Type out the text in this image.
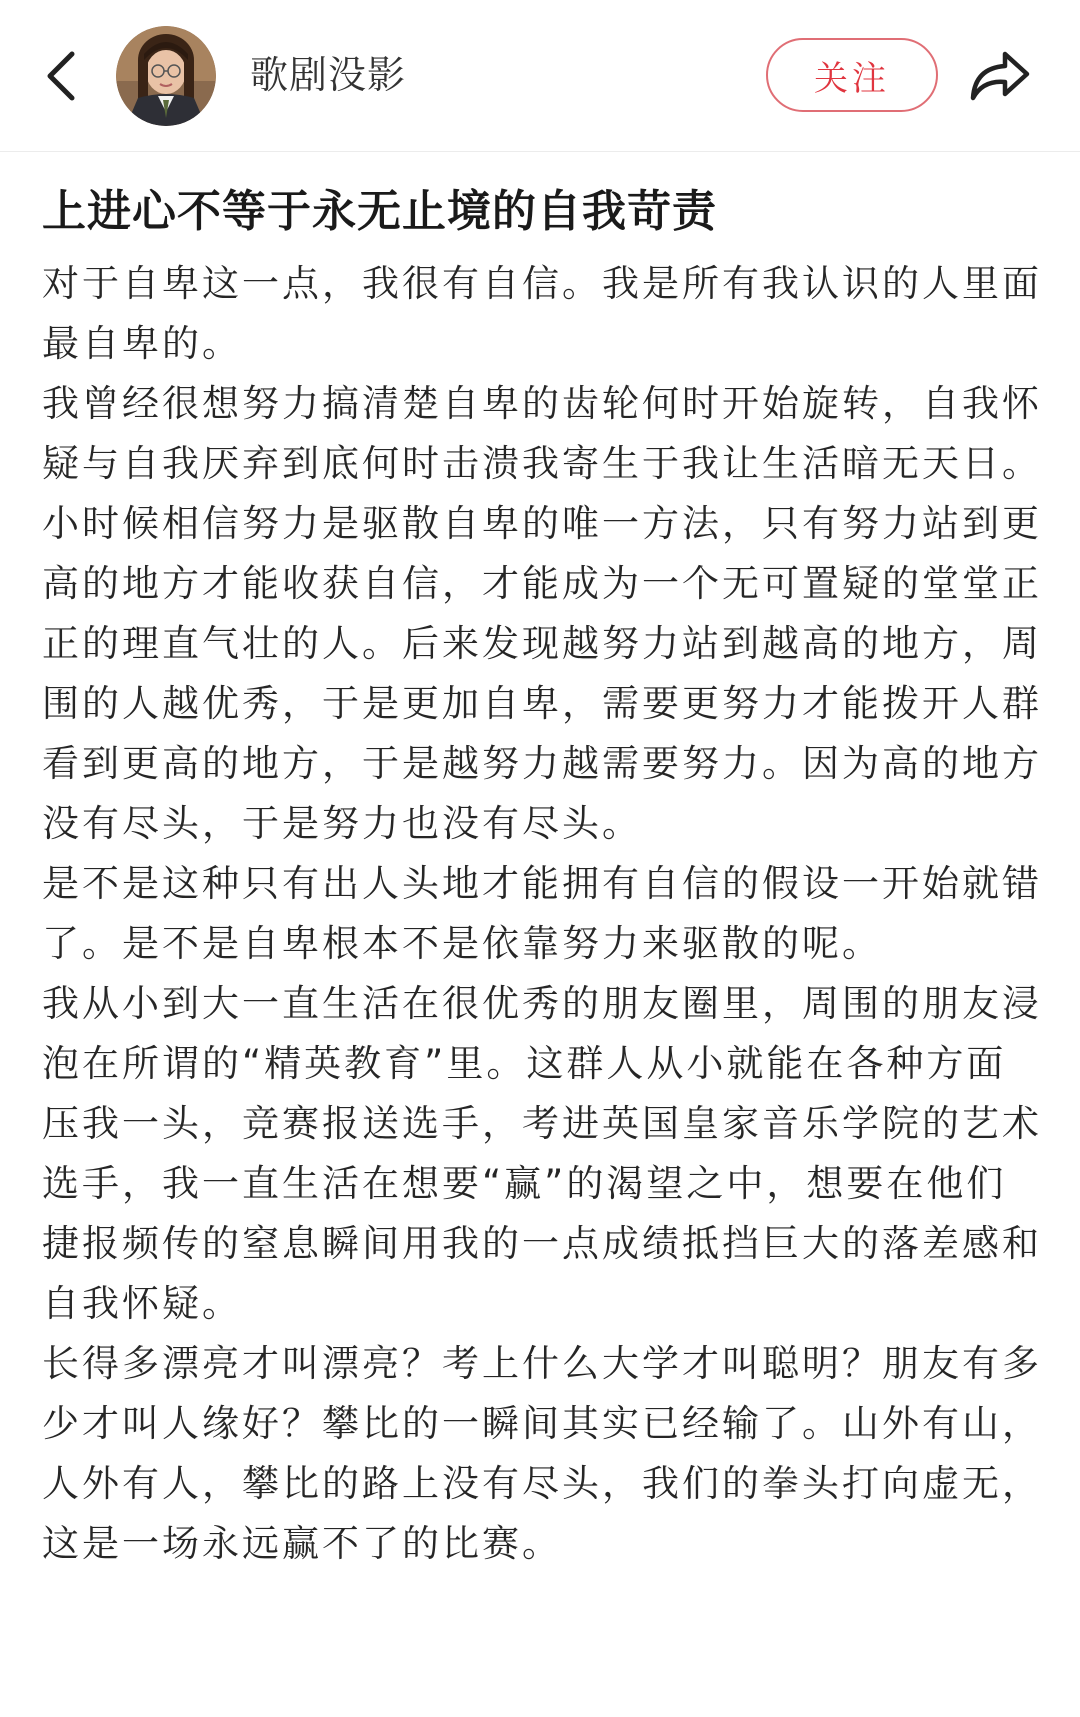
歌剧没影	关注
上进心不等于永无止境的自我苛责

对于自卑这一点，我很有自信。我是所有我认识的人里面最自卑的。

我曾经很想努力搞清楚自卑的齿轮何时开始旋转，自我怀疑与自我厌弃到底何时击溃我寄生于我让生活暗无天日。

小时候相信努力是驱散自卑的唯一方法，只有努力站到更高的地方才能收获自信，才能成为一个无可置疑的堂堂正正的理直气壮的人。后来发现越努力站到越高的地方，周围的人越优秀，于是更加自卑，需要更努力才能拨开人群看到更高的地方，于是越努力越需要努力。因为高的地方没有尽头，于是努力也没有尽头。

是不是这种只有出人头地才能拥有自信的假设一开始就错了。是不是自卑根本不是依靠努力来驱散的呢。

我从小到大一直生活在很优秀的朋友圈里，周围的朋友浸泡在所谓的“精英教育”里。这群人从小就能在各种方面压我一头，竞赛报送选手，考进英国皇家音乐学院的艺术选手，我一直生活在想要“赢”的渴望之中，想要在他们捷报频传的窒息瞬间用我的一点成绩抵挡巨大的落差感和自我怀疑。

长得多漂亮才叫漂亮？考上什么大学才叫聪明？朋友有多少才叫人缘好？攀比的一瞬间其实已经输了。山外有山，人外有人，攀比的路上没有尽头，我们的拳头打向虚无，这是一场永远赢不了的比赛。
